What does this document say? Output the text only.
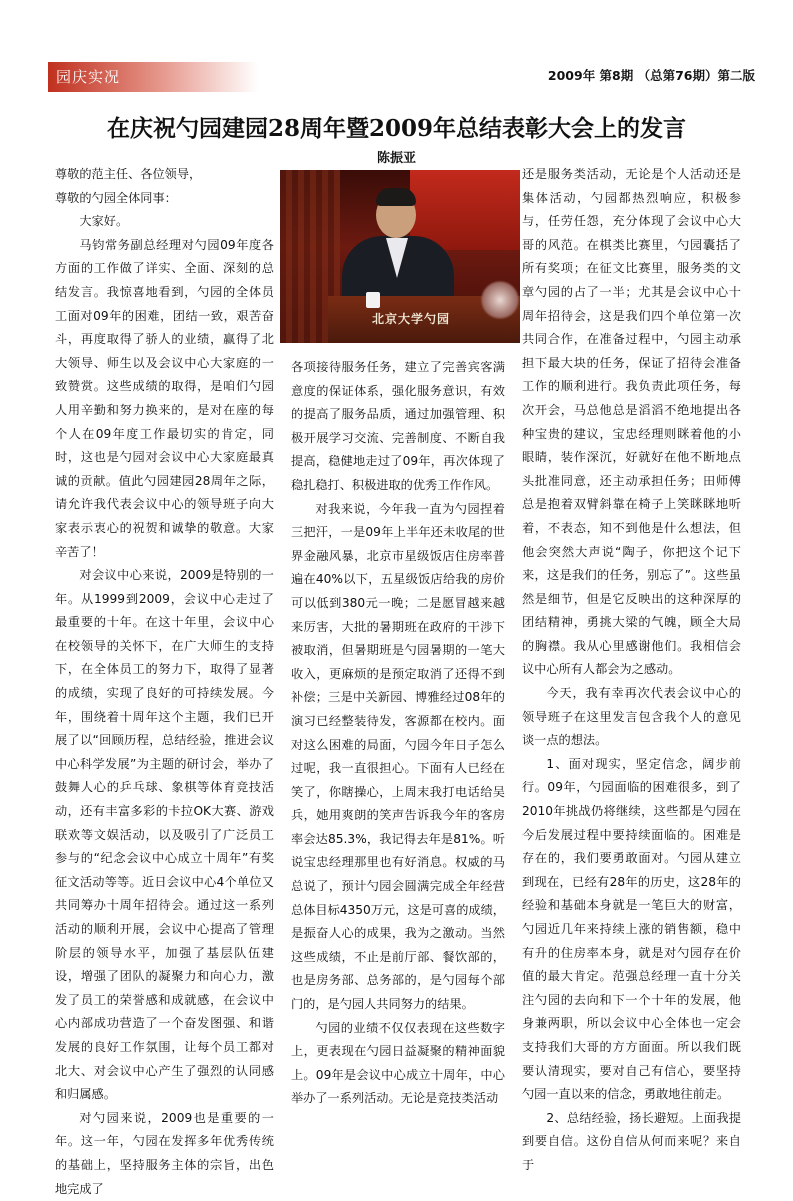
园庆实况	2009年 第8期 （总第76期）第二版
在庆祝勺园建园28周年暨2009年总结表彰大会上的发言
陈振亚
北京大学勺园

尊敬的范主任、各位领导，

尊敬的勺园全体同事：

大家好。

马钧常务副总经理对勺园09年度各方面的工作做了详实、全面、深刻的总结发言。我惊喜地看到，勺园的全体员工面对09年的困难，团结一致，艰苦奋斗，再度取得了骄人的业绩，赢得了北大领导、师生以及会议中心大家庭的一致赞赏。这些成绩的取得，是咱们勺园人用辛勤和努力换来的，是对在座的每个人在09年度工作最切实的肯定，同时，这也是勺园对会议中心大家庭最真诚的贡献。值此勺园建园28周年之际，请允许我代表会议中心的领导班子向大家表示衷心的祝贺和诚挚的敬意。大家辛苦了！

对会议中心来说，2009是特别的一年。从1999到2009，会议中心走过了最重要的十年。在这十年里，会议中心在校领导的关怀下，在广大师生的支持下，在全体员工的努力下，取得了显著的成绩，实现了良好的可持续发展。今年，围绕着十周年这个主题，我们已开展了以“回顾历程，总结经验，推进会议中心科学发展”为主题的研讨会，举办了鼓舞人心的乒乓球、象棋等体育竞技活动，还有丰富多彩的卡拉OK大赛、游戏联欢等文娱活动，以及吸引了广泛员工参与的“纪念会议中心成立十周年”有奖征文活动等等。近日会议中心4个单位又共同筹办十周年招待会。通过这一系列活动的顺利开展，会议中心提高了管理阶层的领导水平，加强了基层队伍建设，增强了团队的凝聚力和向心力，激发了员工的荣誉感和成就感，在会议中心内部成功营造了一个奋发图强、和谐发展的良好工作氛围，让每个员工都对北大、对会议中心产生了强烈的认同感和归属感。

对勺园来说，2009也是重要的一年。这一年，勺园在发挥多年优秀传统的基础上，坚持服务主体的宗旨，出色地完成了

各项接待服务任务，建立了完善宾客满意度的保证体系，强化服务意识，有效的提高了服务品质，通过加强管理、积极开展学习交流、完善制度、不断自我提高，稳健地走过了09年，再次体现了稳扎稳打、积极进取的优秀工作作风。

对我来说，今年我一直为勺园捏着三把汗，一是09年上半年还未收尾的世界金融风暴，北京市星级饭店住房率普遍在40%以下，五星级饭店给我的房价可以低到380元一晚；二是愿冒越来越来厉害，大批的暑期班在政府的干涉下被取消，但暑期班是勺园暑期的一笔大收入，更麻烦的是预定取消了还得不到补偿；三是中关新园、博雅经过08年的演习已经整装待发，客源都在校内。面对这么困难的局面，勺园今年日子怎么过呢，我一直很担心。下面有人已经在笑了，你瞎操心，上周末我打电话给吴兵，她用爽朗的笑声告诉我今年的客房率会达85.3%，我记得去年是81%。听说宝忠经理那里也有好消息。权威的马总说了，预计勺园会圆满完成全年经营总体目标4350万元，这是可喜的成绩，是振奋人心的成果，我为之激动。当然这些成绩，不止是前厅部、餐饮部的，也是房务部、总务部的，是勺园每个部门的，是勺园人共同努力的结果。

勺园的业绩不仅仅表现在这些数字上，更表现在勺园日益凝聚的精神面貌上。09年是会议中心成立十周年，中心举办了一系列活动。无论是竞技类活动

还是服务类活动，无论是个人活动还是集体活动，勺园都热烈响应，积极参与，任劳任怨，充分体现了会议中心大哥的风范。在棋类比赛里，勺园囊括了所有奖项；在征文比赛里，服务类的文章勺园的占了一半；尤其是会议中心十周年招待会，这是我们四个单位第一次共同合作，在准备过程中，勺园主动承担下最大块的任务，保证了招待会准备工作的顺利进行。我负责此项任务，每次开会，马总他总是滔滔不绝地提出各种宝贵的建议，宝忠经理则眯着他的小眼睛，装作深沉，好就好在他不断地点头批准同意，还主动承担任务；田师傅总是抱着双臂斜靠在椅子上笑眯眯地听着，不表态，知不到他是什么想法，但他会突然大声说“陶子，你把这个记下来，这是我们的任务，别忘了”。这些虽然是细节，但是它反映出的这种深厚的团结精神，勇挑大梁的气魄，顾全大局的胸襟。我从心里感谢他们。我相信会议中心所有人都会为之感动。

今天，我有幸再次代表会议中心的领导班子在这里发言包含我个人的意见谈一点的想法。

1、面对现实，坚定信念，阔步前行。09年，勺园面临的困难很多，到了2010年挑战仍将继续，这些都是勺园在今后发展过程中要持续面临的。困难是存在的，我们要勇敢面对。勺园从建立到现在，已经有28年的历史，这28年的经验和基础本身就是一笔巨大的财富，勺园近几年来持续上涨的销售额，稳中有升的住房率本身，就是对勺园存在价值的最大肯定。范强总经理一直十分关注勺园的去向和下一个十年的发展，他身兼两职，所以会议中心全体也一定会支持我们大哥的方方面面。所以我们既要认清现实，要对自己有信心，要坚持勺园一直以来的信念，勇敢地往前走。

2、总结经验，扬长避短。上面我提到要自信。这份自信从何而来呢？来自于
